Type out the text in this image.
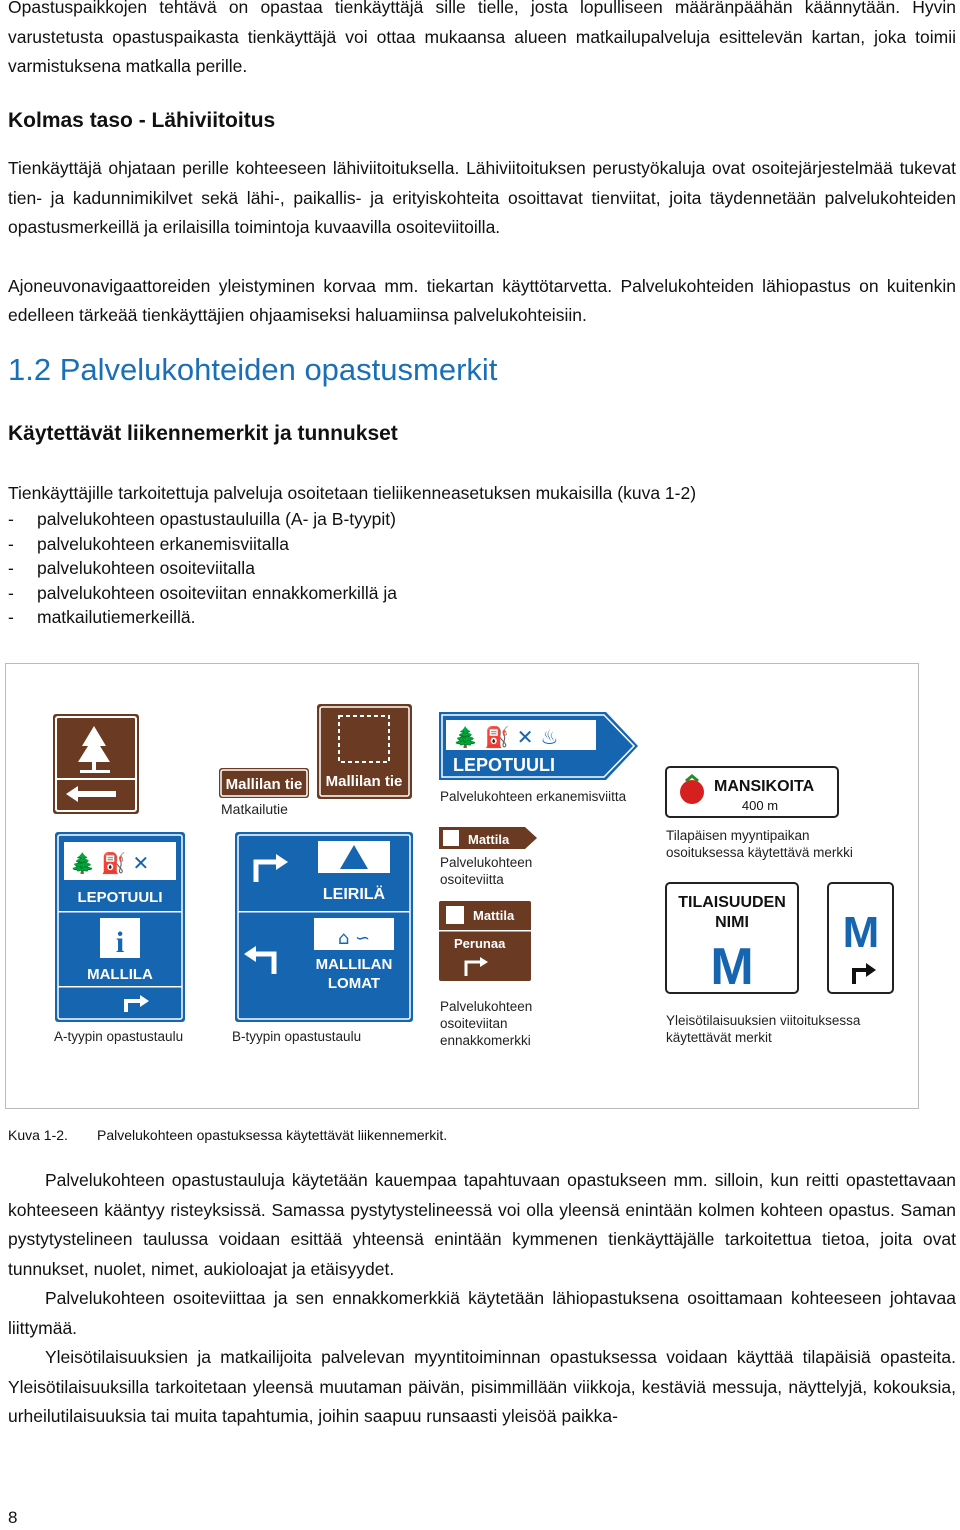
Opastuspaikkojen tehtävä on opastaa tienkäyttäjä sille tielle, josta lopulliseen määränpäähän käännytään. Hyvin varustetusta opastuspaikasta tienkäyttäjä voi ottaa mukaansa alueen matkailupalveluja esittelevän kartan, joka toimii varmistuksena matkalla perille.

Kolmas taso - Lähiviitoitus
1.2 Palvelukohteiden opastusmerkit
Käytettävät liikennemerkit ja tunnukset

Tienkäyttäjille tarkoitettuja palveluja osoitetaan tieliikenneasetuksen mukaisilla (kuva 1-2)

- palvelukohteen opastustauluilla (A- ja B-tyypit)
- palvelukohteen erkanemisviitalla
- palvelukohteen osoiteviitalla
- palvelukohteen osoiteviitan ennakkomerkillä ja
- matkailutiemerkeillä.

Tienkäyttäjä ohjataan perille kohteeseen lähiviitoituksella. Lähiviitoituksen perustyökaluja ovat osoitejärjestelmää tukevat tien- ja kadunnimikilvet sekä lähi-, paikallis- ja erityiskohteita osoittavat tienviitat, joita täydennetään palvelukohteiden opastusmerkeillä ja erilaisilla toimintoja kuvaavilla osoiteviitoilla.

Ajoneuvonavigaattoreiden yleistyminen korvaa mm. tiekartan käyttötarvetta. Palvelukohteiden lähiopastus on kuitenkin edelleen tärkeää tienkäyttäjien ohjaamiseksi haluamiinsa palvelukohteisiin.

Mallilan tie
Matkailutie
Mallilan tie
🌲 ⛽ ✕ ♨
LEPOTUULI
Palvelukohteen erkanemisviitta
MANSIKOITA
400 m
Tilapäisen myyntipaikan
osoituksessa käytettävä merkki
🌲 ⛽ ✕
LEPOTUULI
i
MALLILA
A-tyypin opastustaulu
LEIRILÄ
⌂ ∽
MALLILAN
LOMAT
B-tyypin opastustaulu
Mattila
Palvelukohteen
osoiteviitta
Mattila
Perunaa
Palvelukohteen
osoiteviitan
ennakkomerkki
TILAISUUDEN
NIMI
M
M
Yleisötilaisuuksien viitoituksessa
käytettävät merkit
Kuva 1-2. Palvelukohteen opastuksessa käytettävät liikennemerkit.

Palvelukohteen opastustauluja käytetään kauempaa tapahtuvaan opastukseen mm. silloin, kun reitti opastettavaan kohteeseen kääntyy risteyksissä. Samassa pystytystelineessä voi olla yleensä enintään kolmen kohteen opastus. Saman pystytystelineen taulussa voidaan esittää yhteensä enintään kymmenen tienkäyttäjälle tarkoitettua tietoa, joita ovat tunnukset, nuolet, nimet, aukioloajat ja etäisyydet.

Palvelukohteen osoiteviittaa ja sen ennakkomerkkiä käytetään lähiopastuksena osoittamaan kohteeseen johtavaa liittymää.

Yleisötilaisuuksien ja matkailijoita palvelevan myyntitoiminnan opastuksessa voidaan käyttää tilapäisiä opasteita. Yleisötilaisuuksilla tarkoitetaan yleensä muutaman päivän, pisimmillään viikkoja, kestäviä messuja, näyttelyjä, kokouksia, urheilutilaisuuksia tai muita tapahtumia, joihin saapuu runsaasti yleisöä paikka-

8
